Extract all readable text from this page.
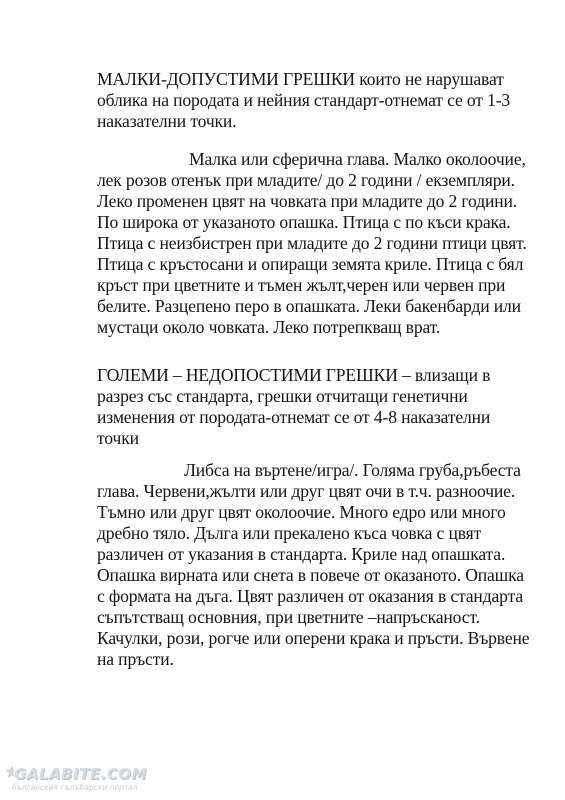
МАЛКИ-ДОПУСТИМИ ГРЕШКИ които не нарушават
облика на породата и нейния стандарт-отнемат се от 1-3
наказателни точки.
Малка или сферична глава. Малко околоочие,
лек розов отенък при младите/ до 2 години / екземпляри.
Леко променен цвят на човката при младите до 2 години.
По широка от указаното опашка. Птица с по къси крака.
Птица с неизбистрен при младите до 2 години птици цвят.
Птица с кръстосани и опиращи земята криле. Птица с бял
кръст при цветните и тъмен жълт,черен или червен при
белите. Разцепено перо в опашката. Леки бакенбарди или
мустаци около човката. Леко потрепкващ врат.
ГОЛЕМИ – НЕДОПОСТИМИ ГРЕШКИ – влизащи в
разрез със стандарта, грешки отчитащи генетични
изменения от породата-отнемат се от 4-8 наказателни
точки
Либса на въртене/игра/. Голяма груба,ръбеста
глава. Червени,жълти или друг цвят очи в т.ч. разноочие.
Тъмно или друг цвят околоочие. Много едро или много
дребно тяло. Дълга или прекалено къса човка с цвят
различен от указания в стандарта. Криле над опашката.
Опашка вирната или снета в повече от оказаното. Опашка
с формата на дъга. Цвят различен от оказания в стандарта
съпътстващ основния, при цветните –напръсканост.
Качулки, рози, рогче или оперени крака и пръсти. Вървене
на пръсти.
GALABITE.COM
българския гълъбарски портал
